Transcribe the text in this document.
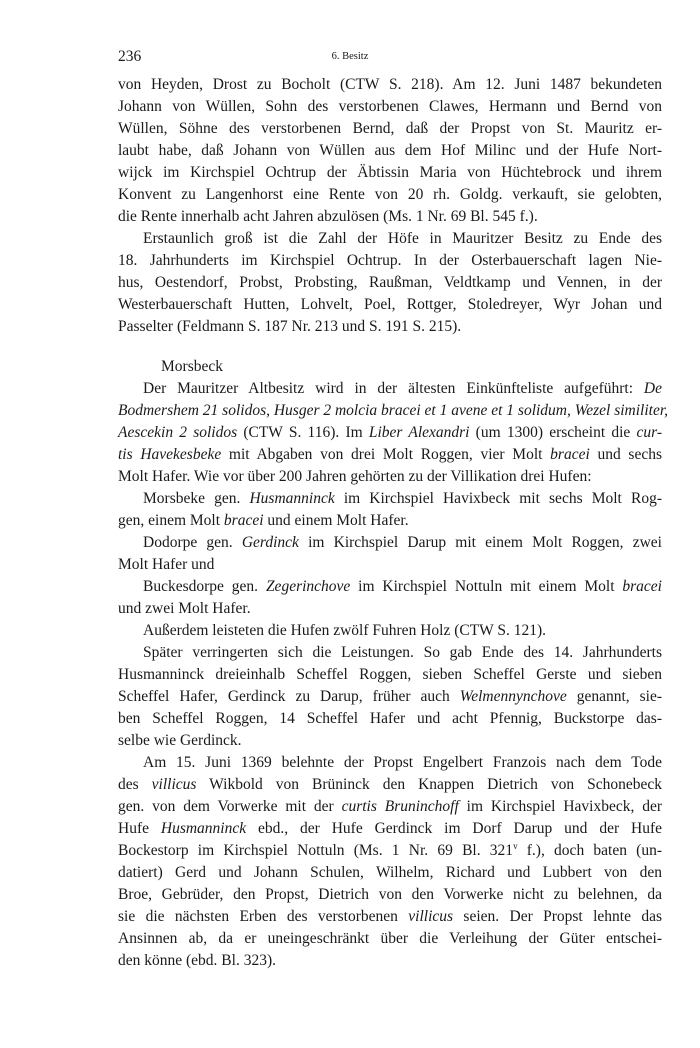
236	6. Besitz
von Heyden, Drost zu Bocholt (CTW S. 218). Am 12. Juni 1487 bekundeten
Johann von Wüllen, Sohn des verstorbenen Clawes, Hermann und Bernd von
Wüllen, Söhne des verstorbenen Bernd, daß der Propst von St. Mauritz er-
laubt habe, daß Johann von Wüllen aus dem Hof Milinc und der Hufe Nort-
wijck im Kirchspiel Ochtrup der Äbtissin Maria von Hüchtebrock und ihrem
Konvent zu Langenhorst eine Rente von 20 rh. Goldg. verkauft, sie gelobten,
die Rente innerhalb acht Jahren abzulösen (Ms. 1 Nr. 69 Bl. 545 f.).
Erstaunlich groß ist die Zahl der Höfe in Mauritzer Besitz zu Ende des
18. Jahrhunderts im Kirchspiel Ochtrup. In der Osterbauerschaft lagen Nie-
hus, Oestendorf, Probst, Probsting, Raußman, Veldtkamp und Vennen, in der
Westerbauerschaft Hutten, Lohvelt, Poel, Rottger, Stoledreyer, Wyr Johan und
Passelter (Feldmann S. 187 Nr. 213 und S. 191 S. 215).
Morsbeck
Der Mauritzer Altbesitz wird in der ältesten Einkünfteliste aufgeführt: De
Bodmershem 21 solidos, Husger 2 molcia bracei et 1 avene et 1 solidum, Wezel similiter,
Aescekin 2 solidos (CTW S. 116). Im Liber Alexandri (um 1300) erscheint die cur-
tis Havekesbeke mit Abgaben von drei Molt Roggen, vier Molt bracei und sechs
Molt Hafer. Wie vor über 200 Jahren gehörten zu der Villikation drei Hufen:
Morsbeke gen. Husmanninck im Kirchspiel Havixbeck mit sechs Molt Rog-
gen, einem Molt bracei und einem Molt Hafer.
Dodorpe gen. Gerdinck im Kirchspiel Darup mit einem Molt Roggen, zwei
Molt Hafer und
Buckesdorpe gen. Zegerinchove im Kirchspiel Nottuln mit einem Molt bracei
und zwei Molt Hafer.
Außerdem leisteten die Hufen zwölf Fuhren Holz (CTW S. 121).
Später verringerten sich die Leistungen. So gab Ende des 14. Jahrhunderts
Husmanninck dreieinhalb Scheffel Roggen, sieben Scheffel Gerste und sieben
Scheffel Hafer, Gerdinck zu Darup, früher auch Welmennynchove genannt, sie-
ben Scheffel Roggen, 14 Scheffel Hafer und acht Pfennig, Buckstorpe das-
selbe wie Gerdinck.
Am 15. Juni 1369 belehnte der Propst Engelbert Franzois nach dem Tode
des villicus Wikbold von Brüninck den Knappen Dietrich von Schonebeck
gen. von dem Vorwerke mit der curtis Bruninchoff im Kirchspiel Havixbeck, der
Hufe Husmanninck ebd., der Hufe Gerdinck im Dorf Darup und der Hufe
Bockestorp im Kirchspiel Nottuln (Ms. 1 Nr. 69 Bl. 321$^v$ f.), doch baten (un-
datiert) Gerd und Johann Schulen, Wilhelm, Richard und Lubbert von den
Broe, Gebrüder, den Propst, Dietrich von den Vorwerke nicht zu belehnen, da
sie die nächsten Erben des verstorbenen villicus seien. Der Propst lehnte das
Ansinnen ab, da er uneingeschränkt über die Verleihung der Güter entschei-
den könne (ebd. Bl. 323).
